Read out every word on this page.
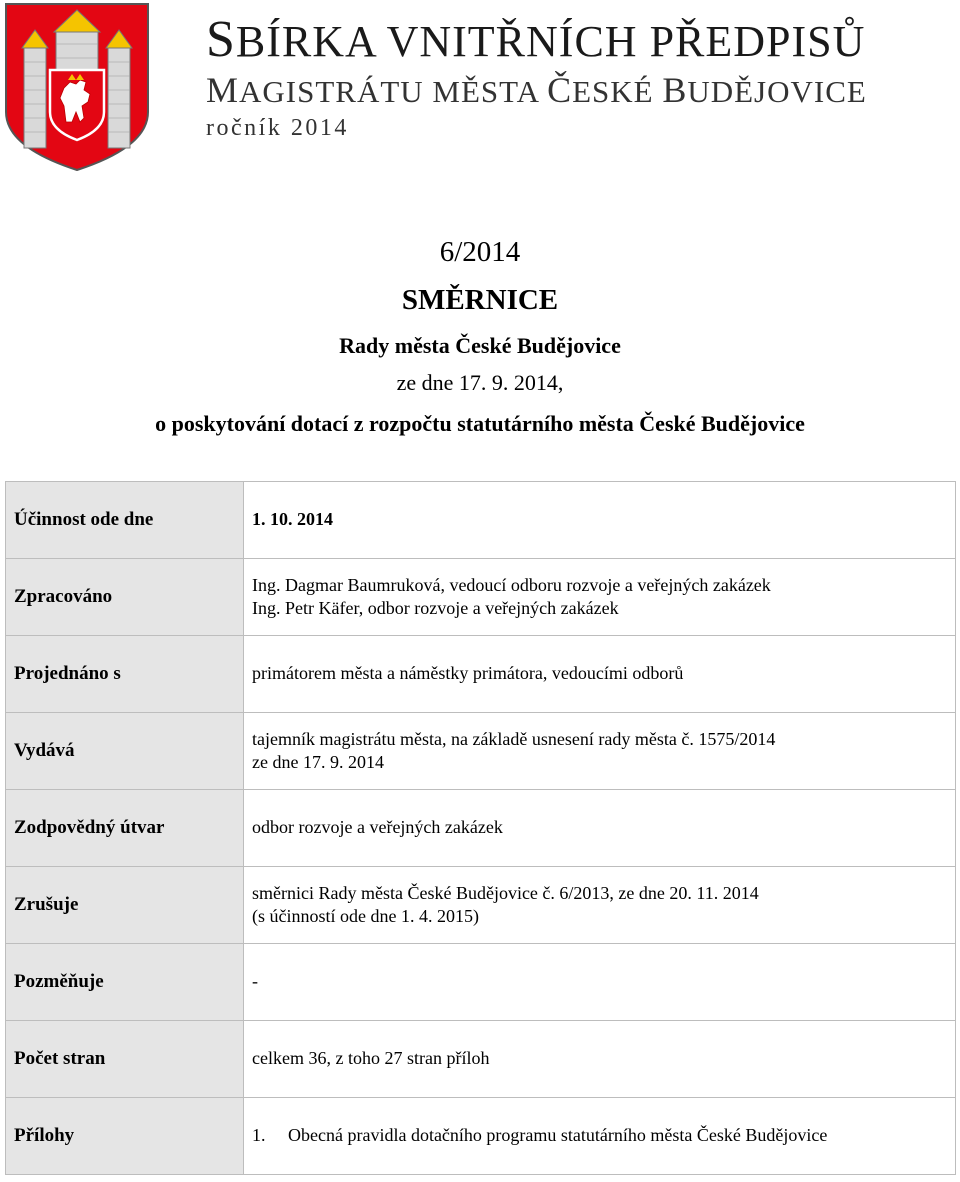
SBÍRKA VNITŘNÍCH PŘEDPISŮ
MAGISTRÁTU MĚSTA ČESKÉ BUDĚJOVICE
ročník 2014
6/2014
SMĚRNICE
Rady města České Budějovice
ze dne 17. 9. 2014,
o poskytování dotací z rozpočtu statutárního města České Budějovice
Účinnost ode dne	1. 10. 2014
Zpracováno	Ing. Dagmar Baumruková, vedoucí odboru rozvoje a veřejných zakázek
Ing. Petr Käfer, odbor rozvoje a veřejných zakázek

Projednáno s	primátorem města a náměstky primátora, vedoucími odborů
Vydává	tajemník magistrátu města, na základě usnesení rady města č. 1575/2014
ze dne 17. 9. 2014

Zodpovědný útvar	odbor rozvoje a veřejných zakázek
Zrušuje	směrnici Rady města České Budějovice č. 6/2013, ze dne 20. 11. 2014
(s účinností ode dne 1. 4. 2015)

Pozměňuje	-
Počet stran	celkem 36, z toho 27 stran příloh
Přílohy	1. Obecná pravidla dotačního programu statutárního města České Budějovice
